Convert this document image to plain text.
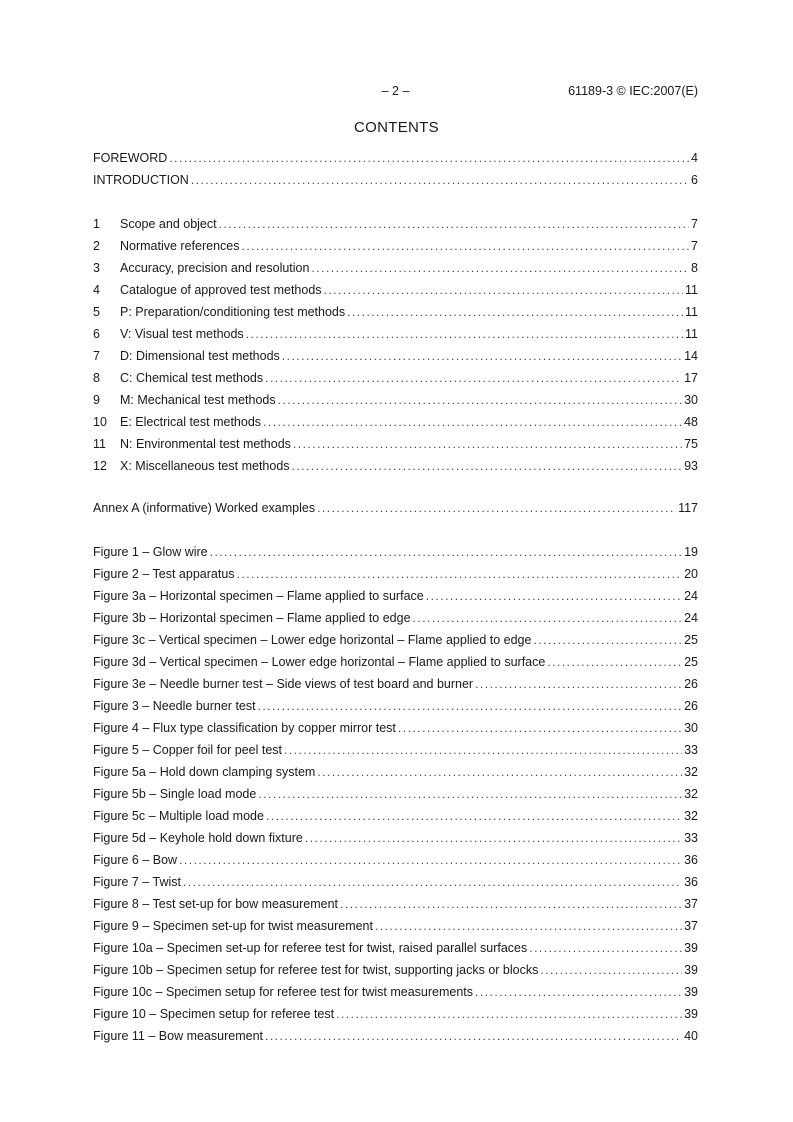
– 2 –	61189-3 © IEC:2007(E)
CONTENTS
FOREWORD .....	4
INTRODUCTION .....	6
1	Scope and object .....	7
2	Normative references .....	7
3	Accuracy, precision and resolution .....	8
4	Catalogue of approved test methods .....	11
5	P: Preparation/conditioning test methods .....	11
6	V: Visual test methods .....	11
7	D: Dimensional test methods .....	14
8	C: Chemical test methods .....	17
9	M: Mechanical test methods .....	30
10	E: Electrical test methods .....	48
11	N: Environmental test methods .....	75
12	X: Miscellaneous test methods .....	93
Annex A (informative) Worked examples .....	117
Figure 1 – Glow wire .....	19
Figure 2 – Test apparatus .....	20
Figure 3a – Horizontal specimen – Flame applied to surface .....	24
Figure 3b – Horizontal specimen – Flame applied to edge .....	24
Figure 3c – Vertical specimen – Lower edge horizontal – Flame applied to edge .....	25
Figure 3d – Vertical specimen – Lower edge horizontal – Flame applied to surface .....	25
Figure 3e – Needle burner test – Side views of test board and burner .....	26
Figure 3 – Needle burner test .....	26
Figure 4 – Flux type classification by copper mirror test .....	30
Figure 5 – Copper foil for peel test .....	33
Figure 5a – Hold down clamping system .....	32
Figure 5b – Single load mode .....	32
Figure 5c – Multiple load mode .....	32
Figure 5d – Keyhole hold down fixture .....	33
Figure 6 – Bow .....	36
Figure 7 – Twist .....	36
Figure 8 – Test set-up for bow measurement .....	37
Figure 9 – Specimen set-up for twist measurement .....	37
Figure 10a – Specimen set-up for referee test for twist, raised parallel surfaces .....	39
Figure 10b – Specimen setup for referee test for twist, supporting jacks or blocks .....	39
Figure 10c – Specimen setup for referee test for twist measurements .....	39
Figure 10 – Specimen setup for referee test .....	39
Figure 11 – Bow measurement .....	40
